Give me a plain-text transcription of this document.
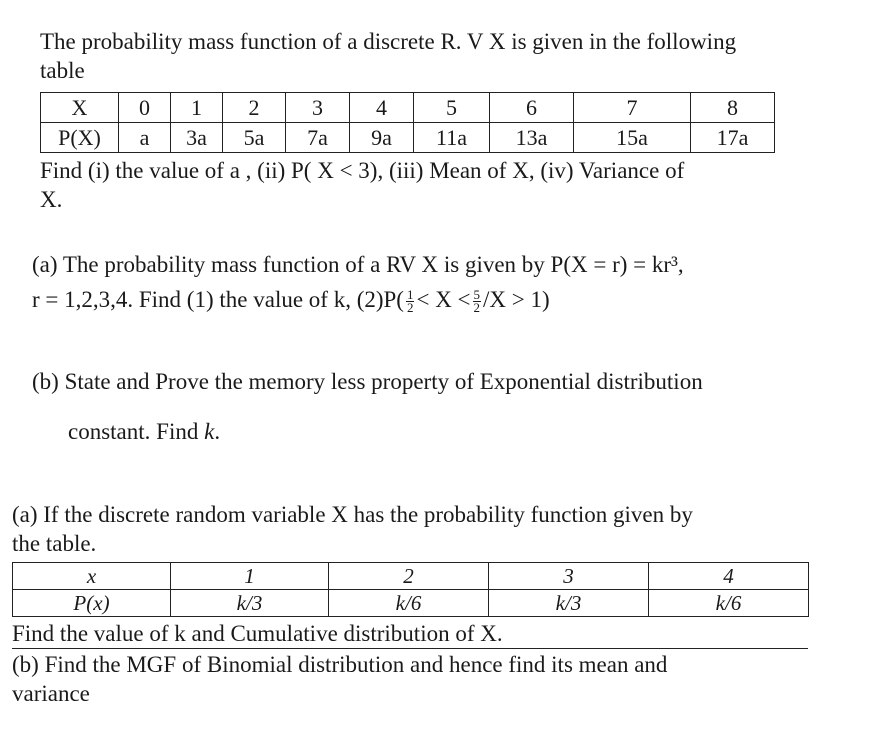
The probability mass function of a discrete R. V X is given in the following
table
X	0	1	2	3	4	5	6	7	8
P(X)	a	3a	5a	7a	9a	11a	13a	15a	17a
Find (i) the value of a , (ii) P( X < 3), (iii) Mean of X, (iv) Variance of
X.
(a) The probability mass function of a RV X is given by P(X = r) = kr³,
r = 1,2,3,4. Find (1) the value of k, $(2)P( \frac{1}{2} < X < \frac{5}{2} /X > 1)$
(b) State and Prove the memory less property of Exponential distribution
constant. Find k.
(a) If the discrete random variable X has the probability function given by
the table.
x	1	2	3	4
P(x)	k/3	k/6	k/3	k/6
Find the value of k and Cumulative distribution of X.
(b) Find the MGF of Binomial distribution and hence find its mean and
variance
